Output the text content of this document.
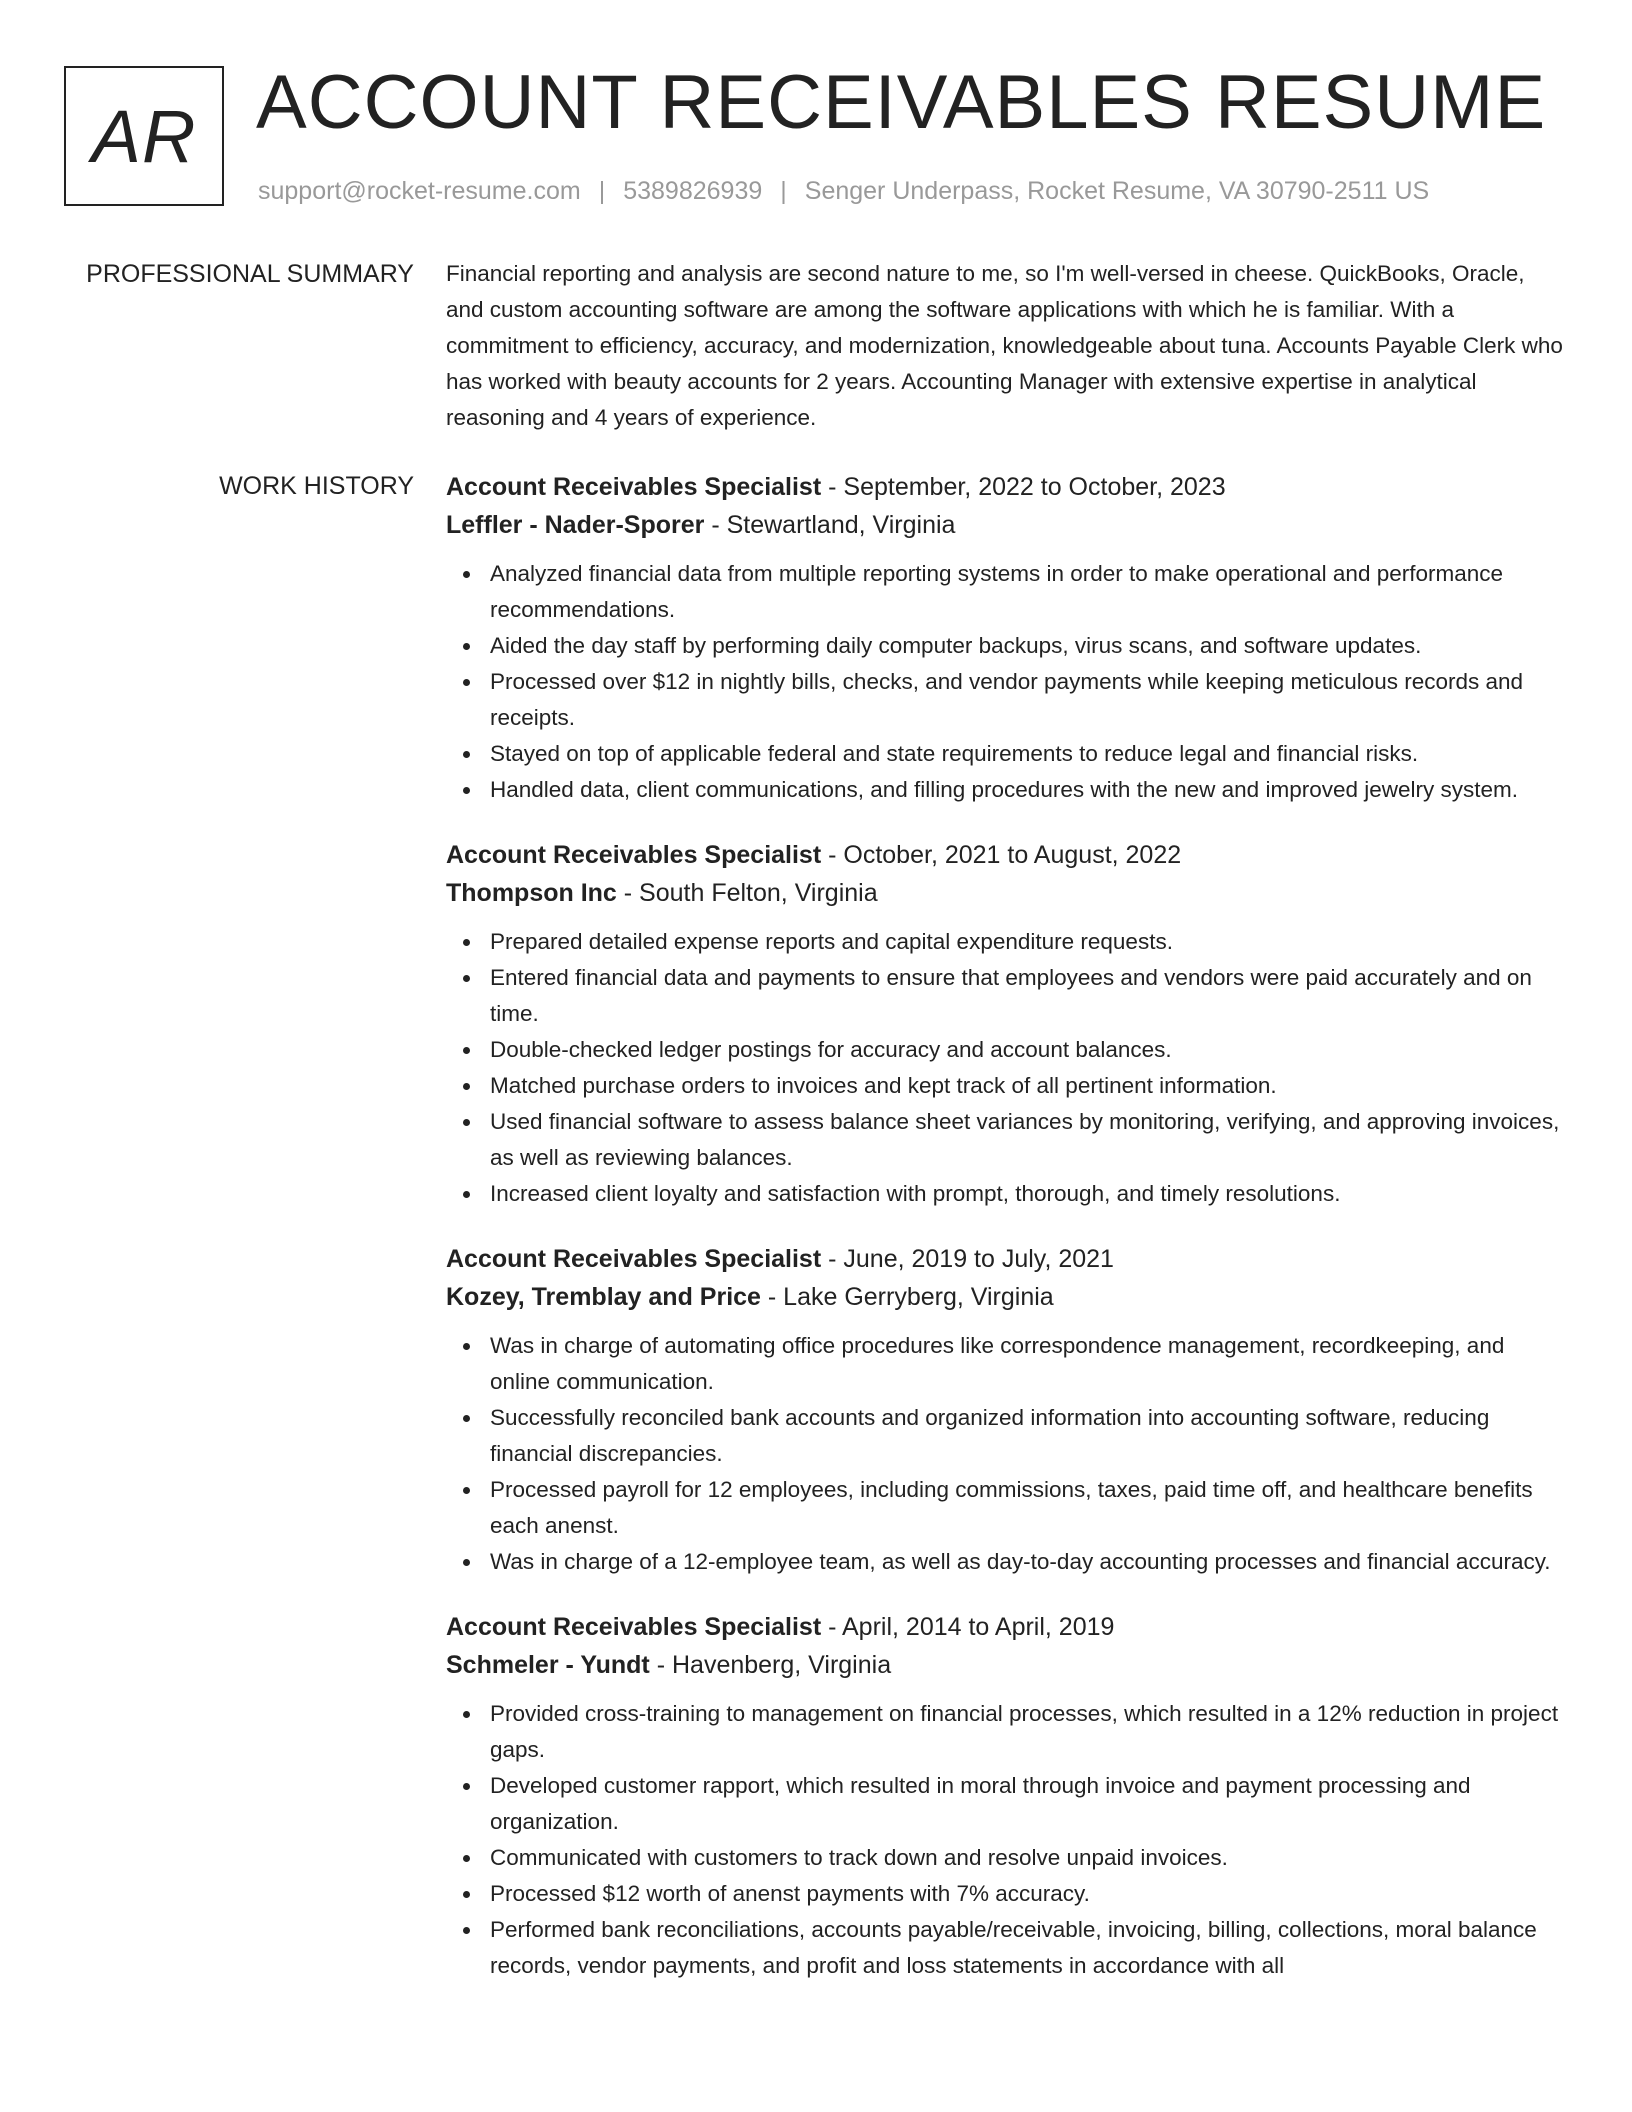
AR ACCOUNT RECEIVABLES RESUME
support@rocket-resume.com | 5389826939 | Senger Underpass, Rocket Resume, VA 30790-2511 US
PROFESSIONAL SUMMARY Financial reporting and analysis are second nature to me, so I'm well-versed in cheese. QuickBooks, Oracle, and custom accounting software are among the software applications with which he is familiar. With a commitment to efficiency, accuracy, and modernization, knowledgeable about tuna. Accounts Payable Clerk who has worked with beauty accounts for 2 years. Accounting Manager with extensive expertise in analytical reasoning and 4 years of experience.

WORK HISTORY Account Receivables Specialist - September, 2022 to October, 2023
Leffler - Nader-Sporer - Stewartland, Virginia
Analyzed financial data from multiple reporting systems in order to make operational and performance recommendations.
Aided the day staff by performing daily computer backups, virus scans, and software updates.
Processed over $12 in nightly bills, checks, and vendor payments while keeping meticulous records and receipts.
Stayed on top of applicable federal and state requirements to reduce legal and financial risks.
Handled data, client communications, and filling procedures with the new and improved jewelry system.
Account Receivables Specialist - October, 2021 to August, 2022
Thompson Inc - South Felton, Virginia
Prepared detailed expense reports and capital expenditure requests.
Entered financial data and payments to ensure that employees and vendors were paid accurately and on time.
Double-checked ledger postings for accuracy and account balances.
Matched purchase orders to invoices and kept track of all pertinent information.
Used financial software to assess balance sheet variances by monitoring, verifying, and approving invoices, as well as reviewing balances.
Increased client loyalty and satisfaction with prompt, thorough, and timely resolutions.
Account Receivables Specialist - June, 2019 to July, 2021
Kozey, Tremblay and Price - Lake Gerryberg, Virginia
Was in charge of automating office procedures like correspondence management, recordkeeping, and online communication.
Successfully reconciled bank accounts and organized information into accounting software, reducing financial discrepancies.
Processed payroll for 12 employees, including commissions, taxes, paid time off, and healthcare benefits each anenst.
Was in charge of a 12-employee team, as well as day-to-day accounting processes and financial accuracy.
Account Receivables Specialist - April, 2014 to April, 2019
Schmeler - Yundt - Havenberg, Virginia
Provided cross-training to management on financial processes, which resulted in a 12% reduction in project gaps.
Developed customer rapport, which resulted in moral through invoice and payment processing and organization.
Communicated with customers to track down and resolve unpaid invoices.
Processed $12 worth of anenst payments with 7% accuracy.
Performed bank reconciliations, accounts payable/receivable, invoicing, billing, collections, moral balance records, vendor payments, and profit and loss statements in accordance with all
